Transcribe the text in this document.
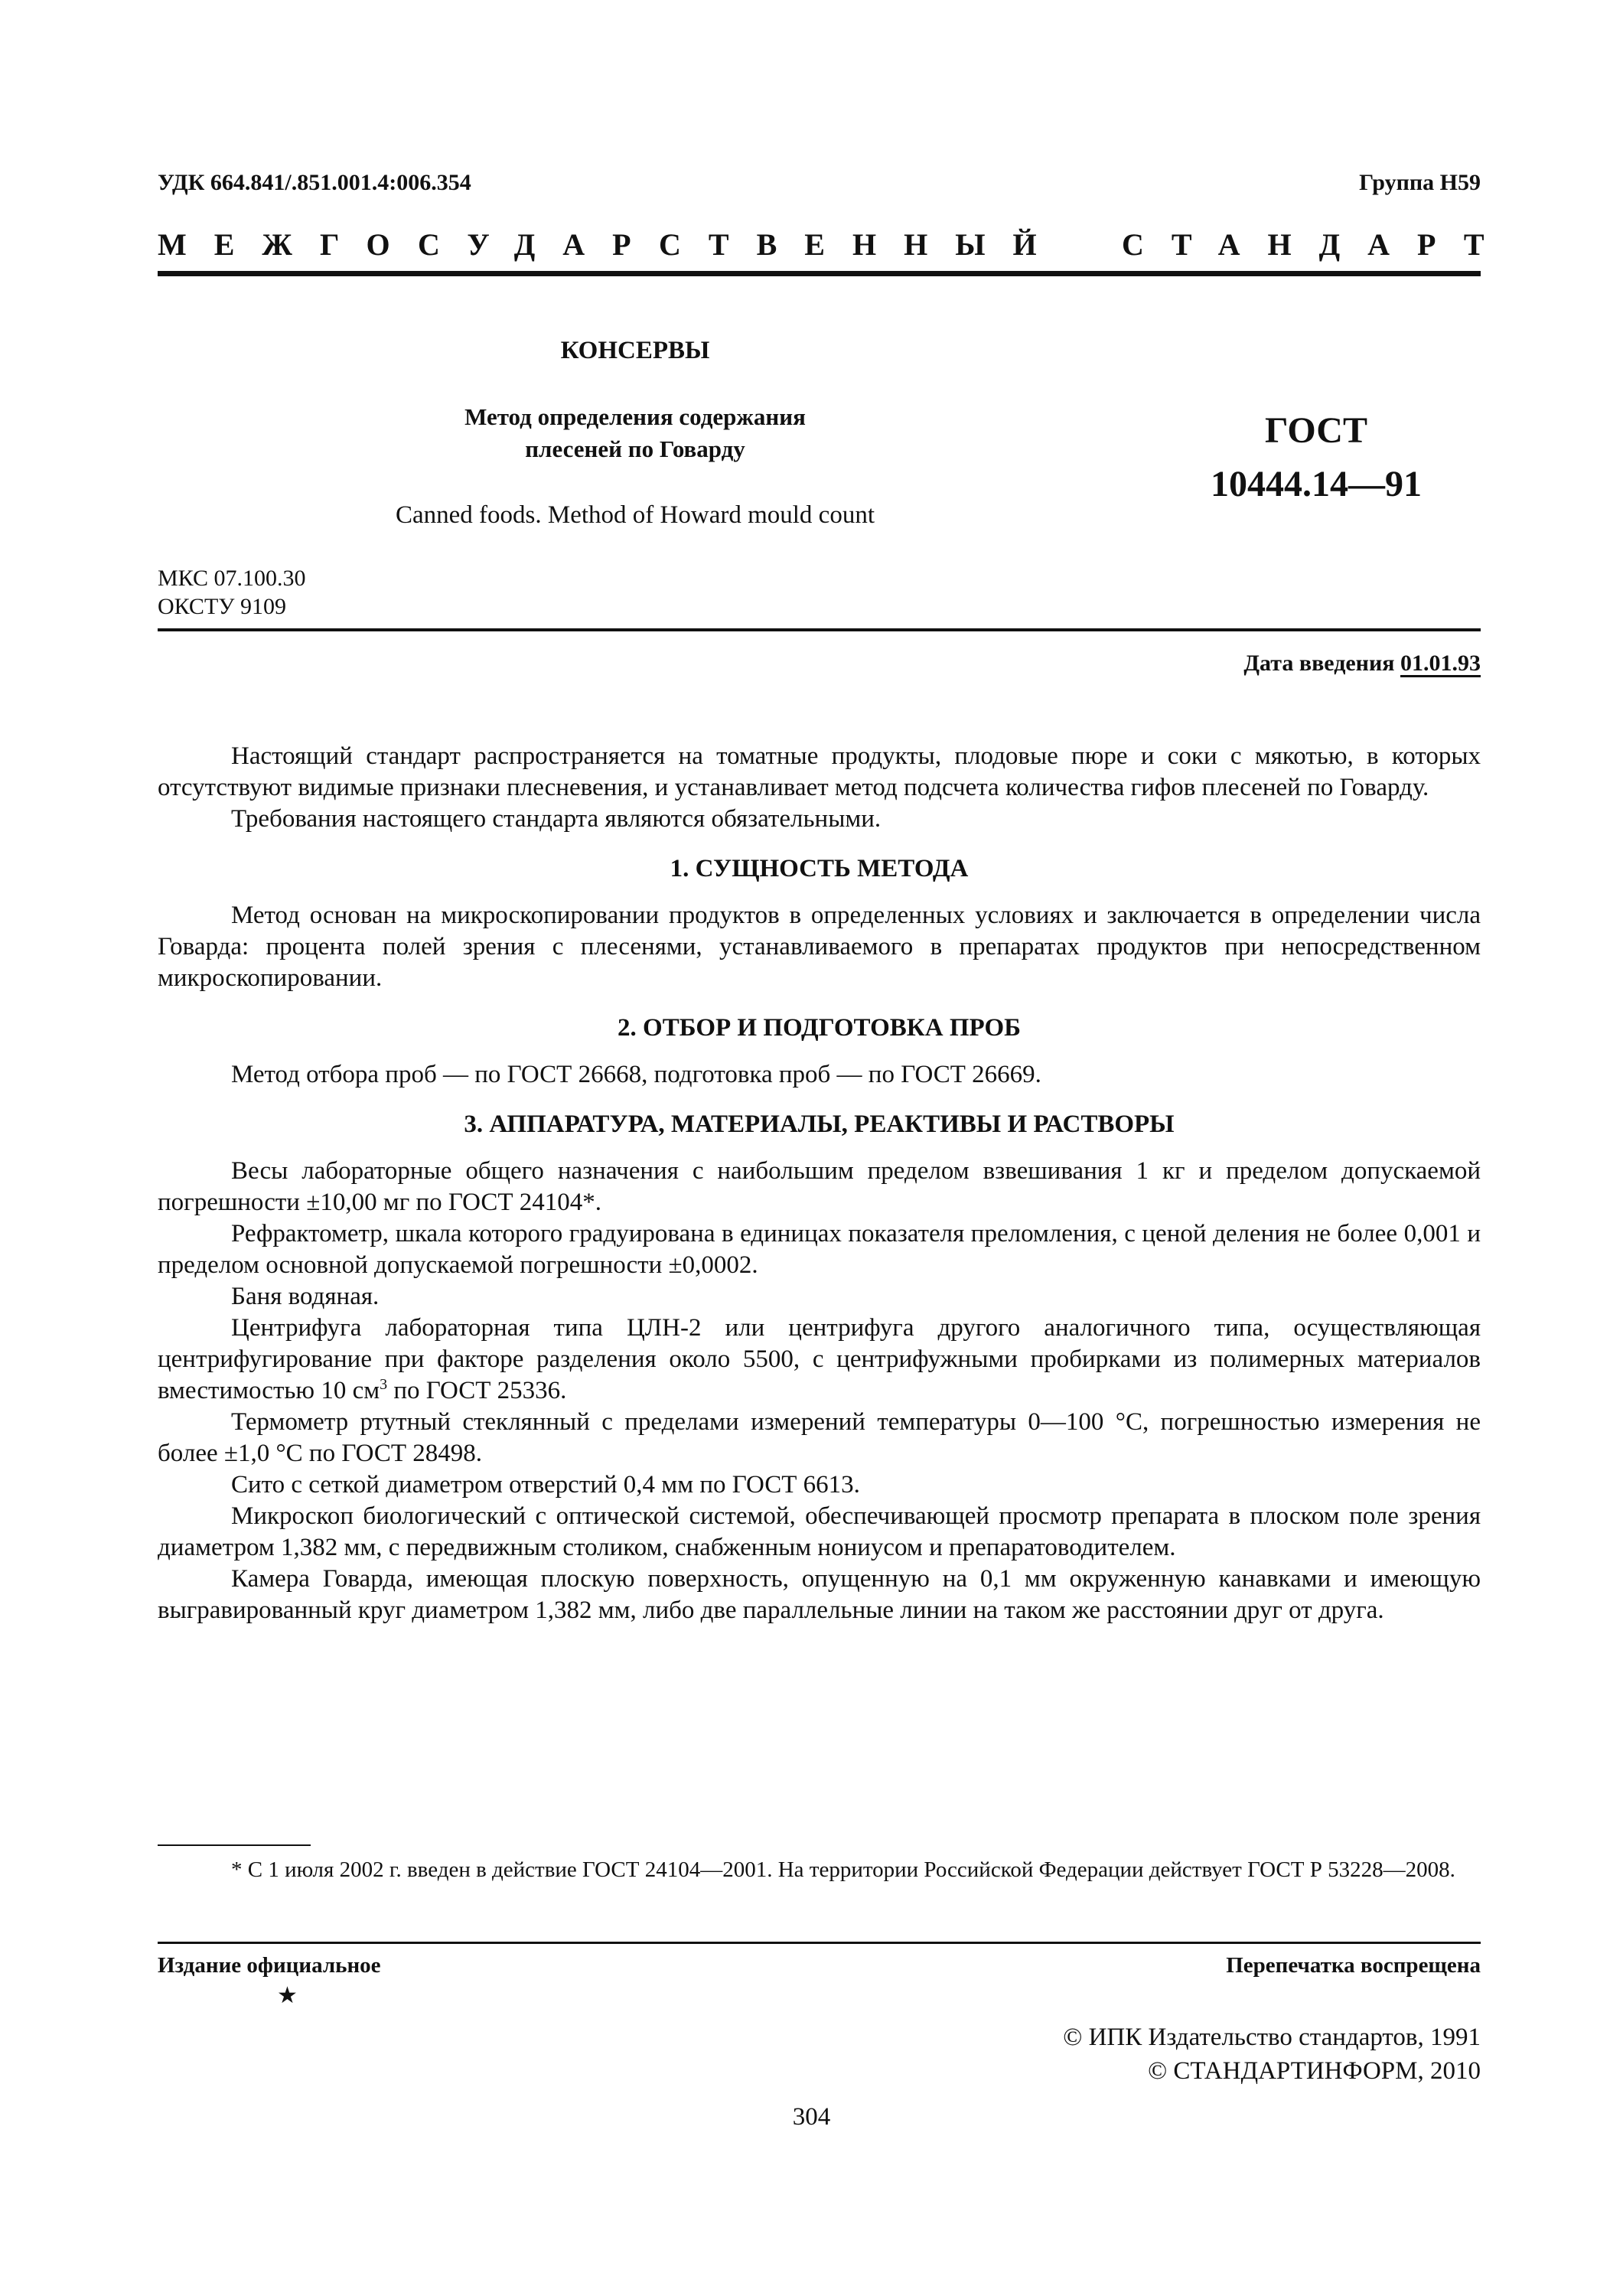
УДК 664.841/.851.001.4:006.354	Группа Н59
МЕЖГОСУДАРСТВЕННЫЙ СТАНДАРТ
КОНСЕРВЫ
Метод определения содержания
плесеней по Говарду
Canned foods. Method of Howard mould count
ГОСТ
10444.14—91
МКС 07.100.30
ОКСТУ 9109
Дата введения 01.01.93

Настоящий стандарт распространяется на томатные продукты, плодовые пюре и соки с мякотью, в которых отсутствуют видимые признаки плесневения, и устанавливает метод подсчета количества гифов плесеней по Говарду.

Требования настоящего стандарта являются обязательными.

1. СУЩНОСТЬ МЕТОДА

Метод основан на микроскопировании продуктов в определенных условиях и заключается в определении числа Говарда: процента полей зрения с плесенями, устанавливаемого в препаратах продуктов при непосредственном микроскопировании.

2. ОТБОР И ПОДГОТОВКА ПРОБ

Метод отбора проб — по ГОСТ 26668, подготовка проб — по ГОСТ 26669.

3. АППАРАТУРА, МАТЕРИАЛЫ, РЕАКТИВЫ И РАСТВОРЫ

Весы лабораторные общего назначения с наибольшим пределом взвешивания 1 кг и пределом допускаемой погрешности ±10,00 мг по ГОСТ 24104*.

Рефрактометр, шкала которого градуирована в единицах показателя преломления, с ценой деления не более 0,001 и пределом основной допускаемой погрешности ±0,0002.

Баня водяная.

Центрифуга лабораторная типа ЦЛН-2 или центрифуга другого аналогичного типа, осуществляющая центрифугирование при факторе разделения около 5500, с центрифужными пробирками из полимерных материалов вместимостью 10 $см^3$ по ГОСТ 25336.

Термометр ртутный стеклянный с пределами измерений температуры 0—100 °С, погрешностью измерения не более ±1,0 °С по ГОСТ 28498.

Сито с сеткой диаметром отверстий 0,4 мм по ГОСТ 6613.

Микроскоп биологический с оптической системой, обеспечивающей просмотр препарата в плоском поле зрения диаметром 1,382 мм, с передвижным столиком, снабженным нониусом и препаратоводителем.

Камера Говарда, имеющая плоскую поверхность, опущенную на 0,1 мм окруженную канавками и имеющую выгравированный круг диаметром 1,382 мм, либо две параллельные линии на таком же расстоянии друг от друга.

* С 1 июля 2002 г. введен в действие ГОСТ 24104—2001. На территории Российской Федерации действует ГОСТ Р 53228—2008.
Издание официальное
★
Перепечатка воспрещена
© ИПК Издательство стандартов, 1991
© СТАНДАРТИНФОРМ, 2010
304
